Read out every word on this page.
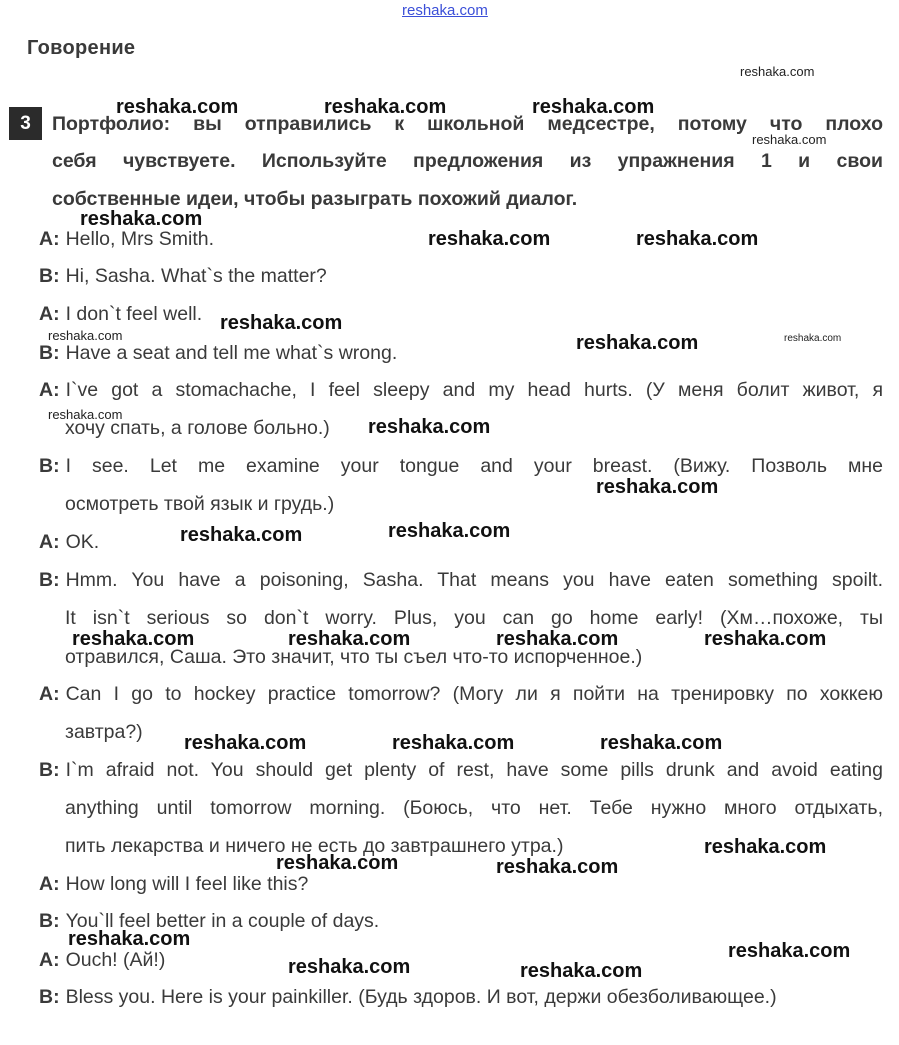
reshaka.com
Говорение
3	Портфолио: вы отправились к школьной медсестре, потому что плохо
себя чувствуете. Используйте предложения из упражнения 1 и свои
собственные идеи, чтобы разыграть похожий диалог.
A: Hello, Mrs Smith.
B: Hi, Sasha. What`s the matter?
A: I don`t feel well.
B: Have a seat and tell me what`s wrong.
A: I`ve got a stomachache, I feel sleepy and my head hurts. (У меня болит живот, я
хочу спать, а голове больно.)
B: I see. Let me examine your tongue and your breast. (Вижу. Позволь мне
осмотреть твой язык и грудь.)
A: OK.
B: Hmm. You have a poisoning, Sasha. That means you have eaten something spoilt.
It isn`t serious so don`t worry. Plus, you can go home early! (Хм…похоже, ты
отравился, Саша. Это значит, что ты съел что-то испорченное.)
A: Can I go to hockey practice tomorrow? (Могу ли я пойти на тренировку по хоккею
завтра?)
B: I`m afraid not. You should get plenty of rest, have some pills drunk and avoid eating
anything until tomorrow morning. (Боюсь, что нет. Тебе нужно много отдыхать,
пить лекарства и ничего не есть до завтрашнего утра.)
A: How long will I feel like this?
B: You`ll feel better in a couple of days.
A: Ouch! (Ай!)
B: Bless you. Here is your painkiller. (Будь здоров. И вот, держи обезболивающее.)
reshaka.com
reshaka.com	reshaka.com	reshaka.com
reshaka.com
reshaka.com
reshaka.com	reshaka.com
reshaka.com
reshaka.com	reshaka.com	reshaka.com
reshaka.com
reshaka.com
reshaka.com
reshaka.com
reshaka.com
reshaka.com	reshaka.com	reshaka.com	reshaka.com
reshaka.com	reshaka.com	reshaka.com
reshaka.com
reshaka.com	reshaka.com
reshaka.com
reshaka.com
reshaka.com	reshaka.com
